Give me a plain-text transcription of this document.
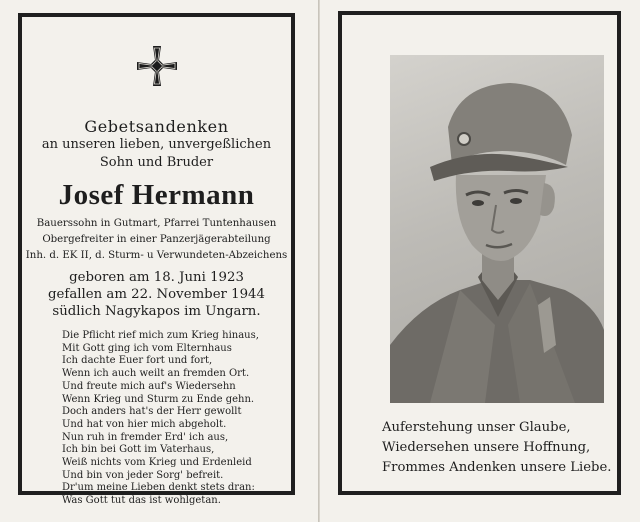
Gebetsandenken
an unseren lieben, unvergeßlichen
Sohn und Bruder
Josef Hermann
Bauerssohn in Gutmart, Pfarrei Tuntenhausen
Obergefreiter in einer Panzerjägerabteilung
Inh. d. EK II, d. Sturm- u Verwundeten-Abzeichens
geboren am 18. Juni 1923
gefallen am 22. November 1944
südlich Nagykapos im Ungarn.
Die Pflicht rief mich zum Krieg hinaus,
Mit Gott ging ich vom Elternhaus
Ich dachte Euer fort und fort,
Wenn ich auch weilt an fremden Ort.
Und freute mich auf's Wiedersehn
Wenn Krieg und Sturm zu Ende gehn.
Doch anders hat's der Herr gewollt
Und hat von hier mich abgeholt.
Nun ruh in fremder Erd' ich aus,
Ich bin bei Gott im Vaterhaus,
Weiß nichts vom Krieg und Erdenleid
Und bin von jeder Sorg' befreit.
Dr'um meine Lieben denkt stets dran:
Was Gott tut das ist wohlgetan.
Auferstehung unser Glaube,
Wiedersehen unsere Hoffnung,
Frommes Andenken unsere Liebe.
